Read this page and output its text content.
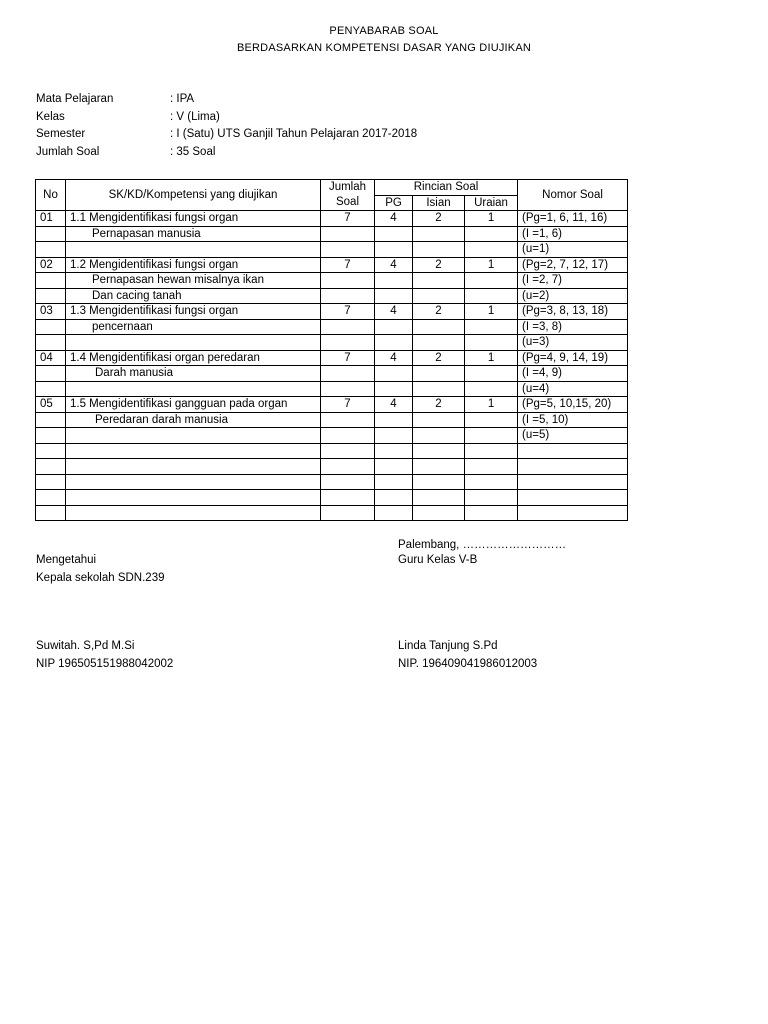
PENYABARAB SOAL
BERDASARKAN KOMPETENSI DASAR YANG DIUJIKAN
Mata Pelajaran	: IPA
Kelas	: V (Lima)
Semester	: I (Satu) UTS Ganjil Tahun Pelajaran 2017-2018
Jumlah Soal	: 35 Soal
No	SK/KD/Kompetensi yang diujikan	Jumlah Soal	Rincian Soal			Nomor Soal
			PG	Isian	Uraian	
01	1.1 Mengidentifikasi fungsi organ	7	4	2	1	(Pg=1, 6, 11, 16)
	Pernapasan manusia					(I =1, 6)
						(u=1)
02	1.2 Mengidentifikasi fungsi organ	7	4	2	1	(Pg=2, 7, 12, 17)
	Pernapasan hewan misalnya ikan					(I =2, 7)
	Dan cacing tanah					(u=2)
03	1.3 Mengidentifikasi fungsi organ	7	4	2	1	(Pg=3, 8, 13, 18)
	pencernaan					(I =3, 8)
						(u=3)
04	1.4 Mengidentifikasi organ peredaran	7	4	2	1	(Pg=4, 9, 14, 19)
	Darah manusia					(I =4, 9)
						(u=4)
05	1.5 Mengidentifikasi gangguan pada organ	7	4	2	1	(Pg=5, 10,15, 20)
	Peredaran darah manusia					(I =5, 10)
						(u=5)

Palembang, ………………………
Mengetahui	Guru Kelas V-B
Kepala sekolah SDN.239
Suwitah. S,Pd M.Si	Linda Tanjung S.Pd
NIP 196505151988042002	NIP. 196409041986012003
